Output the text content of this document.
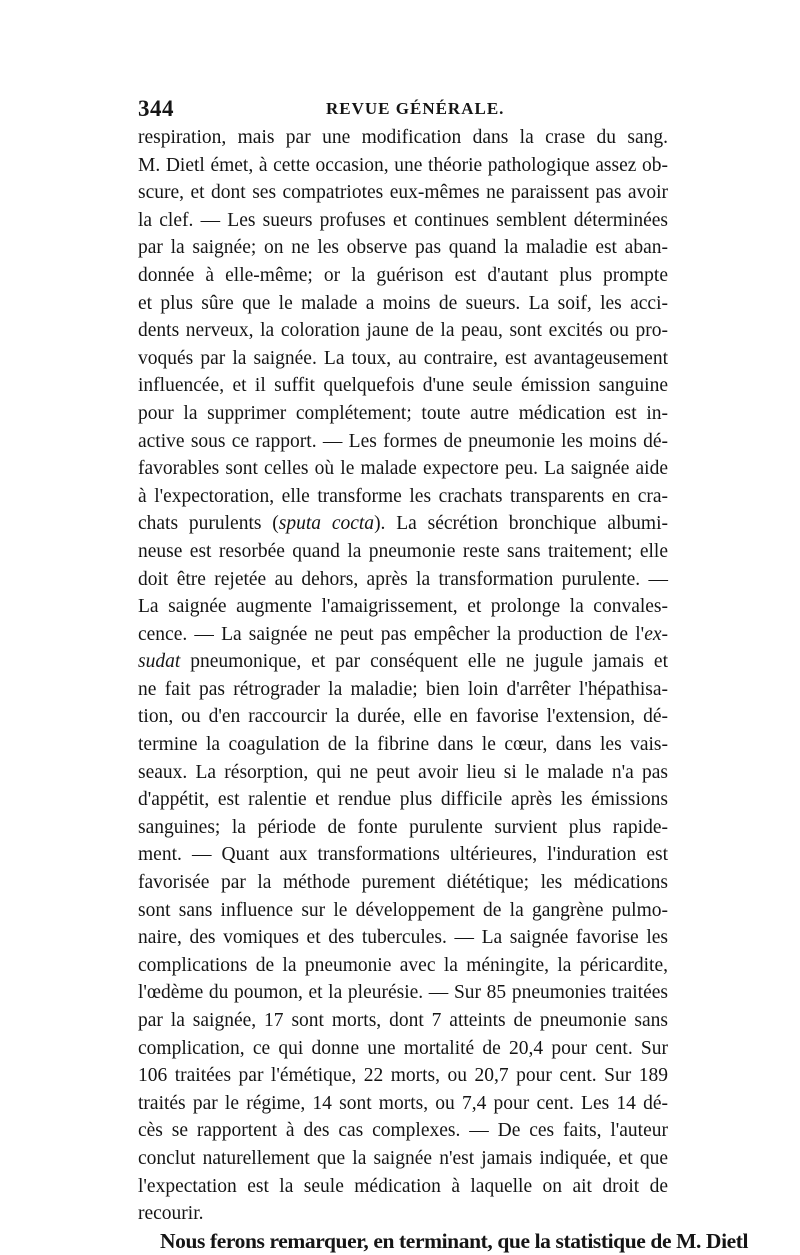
344	REVUE GÉNÉRALE.
respiration, mais par une modification dans la crase du sang.
M. Dietl émet, à cette occasion, une théorie pathologique assez ob-
scure, et dont ses compatriotes eux-mêmes ne paraissent pas avoir
la clef. — Les sueurs profuses et continues semblent déterminées
par la saignée; on ne les observe pas quand la maladie est aban-
donnée à elle-même; or la guérison est d'autant plus prompte
et plus sûre que le malade a moins de sueurs. La soif, les acci-
dents nerveux, la coloration jaune de la peau, sont excités ou pro-
voqués par la saignée. La toux, au contraire, est avantageusement
influencée, et il suffit quelquefois d'une seule émission sanguine
pour la supprimer complétement; toute autre médication est in-
active sous ce rapport. — Les formes de pneumonie les moins dé-
favorables sont celles où le malade expectore peu. La saignée aide
à l'expectoration, elle transforme les crachats transparents en cra-
chats purulents (sputa cocta). La sécrétion bronchique albumi-
neuse est resorbée quand la pneumonie reste sans traitement; elle
doit être rejetée au dehors, après la transformation purulente. —
La saignée augmente l'amaigrissement, et prolonge la convales-
cence. — La saignée ne peut pas empêcher la production de l'ex-
sudat pneumonique, et par conséquent elle ne jugule jamais et
ne fait pas rétrograder la maladie; bien loin d'arrêter l'hépathisa-
tion, ou d'en raccourcir la durée, elle en favorise l'extension, dé-
termine la coagulation de la fibrine dans le cœur, dans les vais-
seaux. La résorption, qui ne peut avoir lieu si le malade n'a pas
d'appétit, est ralentie et rendue plus difficile après les émissions
sanguines; la période de fonte purulente survient plus rapide-
ment. — Quant aux transformations ultérieures, l'induration est
favorisée par la méthode purement diététique; les médications
sont sans influence sur le développement de la gangrène pulmo-
naire, des vomiques et des tubercules. — La saignée favorise les
complications de la pneumonie avec la méningite, la péricardite,
l'œdème du poumon, et la pleurésie. — Sur 85 pneumonies traitées
par la saignée, 17 sont morts, dont 7 atteints de pneumonie sans
complication, ce qui donne une mortalité de 20,4 pour cent. Sur
106 traitées par l'émétique, 22 morts, ou 20,7 pour cent. Sur 189
traités par le régime, 14 sont morts, ou 7,4 pour cent. Les 14 dé-
cès se rapportent à des cas complexes. — De ces faits, l'auteur
conclut naturellement que la saignée n'est jamais indiquée, et que
l'expectation est la seule médication à laquelle on ait droit de
recourir.
Nous ferons remarquer, en terminant, que la statistique de M. Dietl
